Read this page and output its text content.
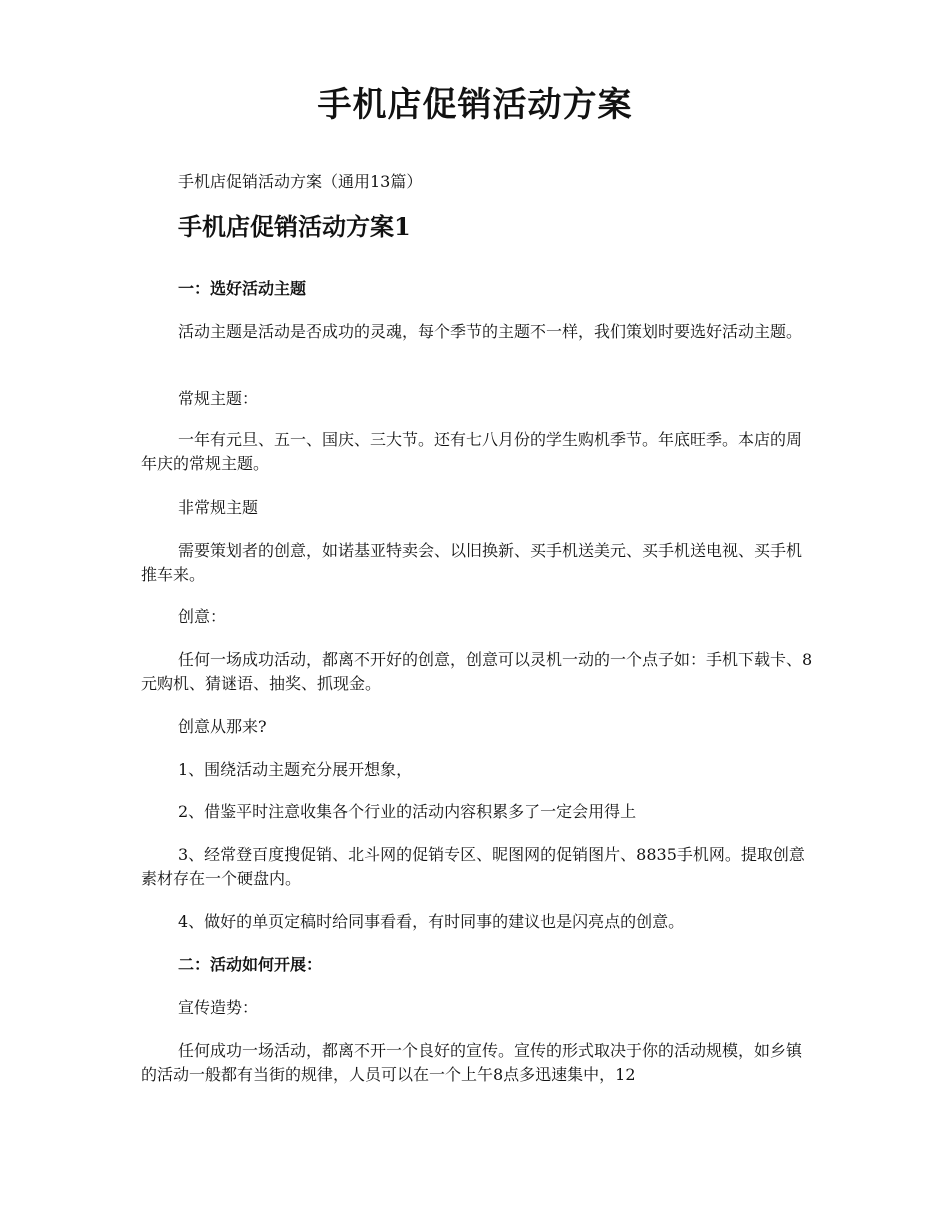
手机店促销活动方案
手机店促销活动方案（通用13篇）
手机店促销活动方案1
一：选好活动主题
活动主题是活动是否成功的灵魂，每个季节的主题不一样，我们策划时要选好活动主题。
常规主题：
一年有元旦、五一、国庆、三大节。还有七八月份的学生购机季节。年底旺季。本店的周年庆的常规主题。
非常规主题
需要策划者的创意，如诺基亚特卖会、以旧换新、买手机送美元、买手机送电视、买手机推车来。
创意：
任何一场成功活动，都离不开好的创意，创意可以灵机一动的一个点子如：手机下载卡、8元购机、猜谜语、抽奖、抓现金。
创意从那来?
1、围绕活动主题充分展开想象，
2、借鉴平时注意收集各个行业的活动内容积累多了一定会用得上
3、经常登百度搜促销、北斗网的促销专区、昵图网的促销图片、8835手机网。提取创意素材存在一个硬盘内。
4、做好的单页定稿时给同事看看，有时同事的建议也是闪亮点的创意。
二：活动如何开展：
宣传造势：
任何成功一场活动，都离不开一个良好的宣传。宣传的形式取决于你的活动规模，如乡镇的活动一般都有当街的规律，人员可以在一个上午8点多迅速集中，12
